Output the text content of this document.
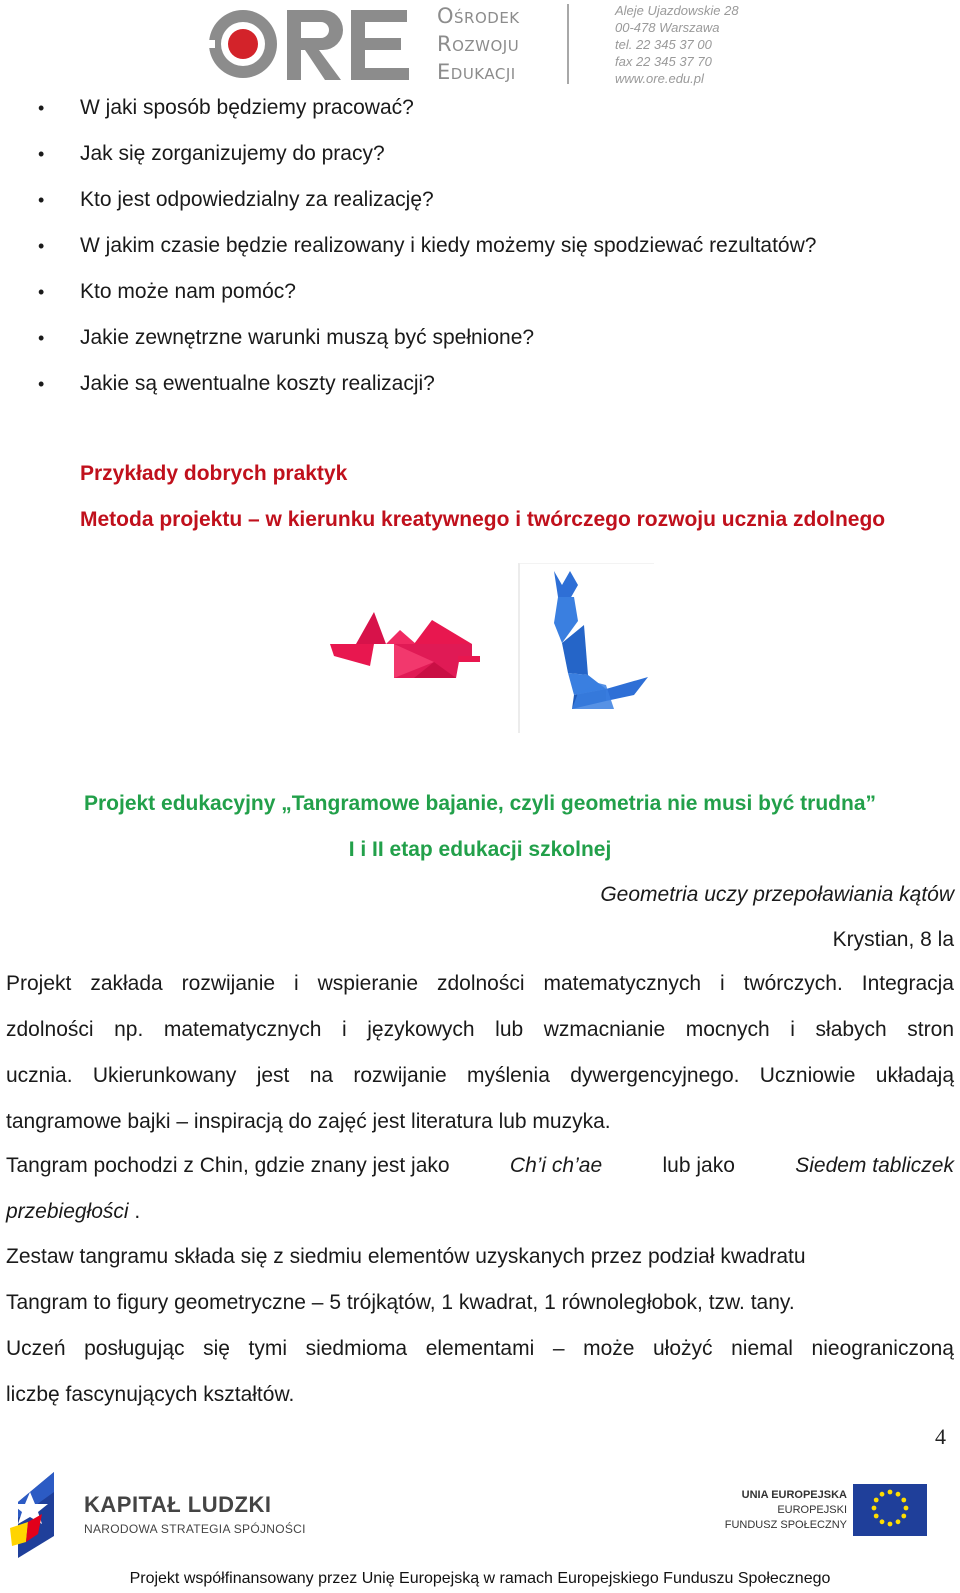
Ośrodek
Rozwoju
Edukacji
Aleje Ujazdowskie 28
00-478 Warszawa
tel. 22 345 37 00
fax 22 345 37 70
www.ore.edu.pl
• W jaki sposób będziemy pracować?
• Jak się zorganizujemy do pracy?
• Kto jest odpowiedzialny za realizację?
• W jakim czasie będzie realizowany i kiedy możemy się spodziewać rezultatów?
• Kto może nam pomóc?
• Jakie zewnętrzne warunki muszą być spełnione?
• Jakie są ewentualne koszty realizacji?
Przykłady dobrych praktyk
Metoda projektu – w kierunku kreatywnego i twórczego rozwoju ucznia zdolnego
Projekt edukacyjny „Tangramowe bajanie, czyli geometria nie musi być trudna”
I i II etap edukacji szkolnej
Geometria uczy przepoławiania kątów
Krystian, 8 la
Projekt zakłada rozwijanie i wspieranie zdolności matematycznych i twórczych. Integracja
zdolności np. matematycznych i językowych lub wzmacnianie mocnych i słabych stron
ucznia. Ukierunkowany jest na rozwijanie myślenia dywergencyjnego. Uczniowie układają
tangramowe bajki – inspiracją do zajęć jest literatura lub muzyka.
Tangram pochodzi z Chin, gdzie znany jest jako	Ch’i ch’ae	lub jako	Siedem tabliczek
przebiegłości .
Zestaw tangramu składa się z siedmiu elementów uzyskanych przez podział kwadratu
Tangram to figury geometryczne – 5 trójkątów, 1 kwadrat, 1 równoległobok, tzw. tany.
Uczeń posługując się tymi siedmioma elementami – może ułożyć niemal nieograniczoną
liczbę fascynujących kształtów.
4
KAPITAŁ LUDZKI
NARODOWA STRATEGIA SPÓJNOŚCI
UNIA EUROPEJSKA
EUROPEJSKI
FUNDUSZ SPOŁECZNY
Projekt współfinansowany przez Unię Europejską w ramach Europejskiego Funduszu Społecznego
